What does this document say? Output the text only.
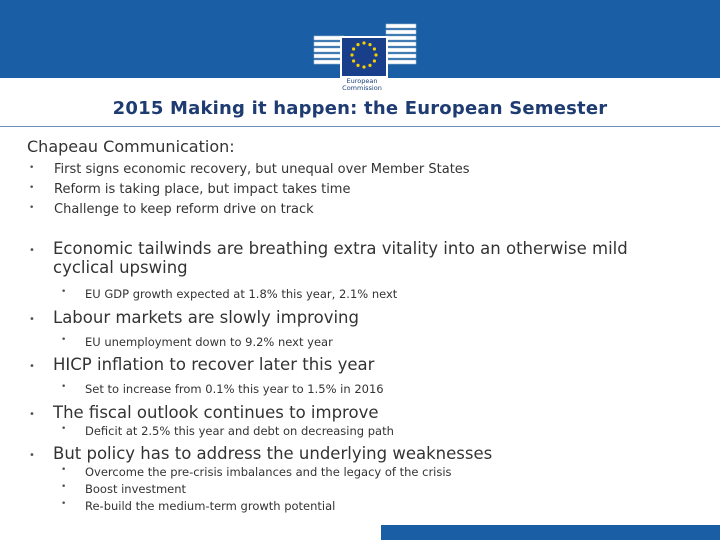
European Commission
2015 Making it happen: the European Semester
Chapeau Communication:
• First signs economic recovery, but unequal over Member States
• Reform is taking place, but impact takes time
• Challenge to keep reform drive on track
• Economic tailwinds are breathing extra vitality into an otherwise mild cyclical upswing
• EU GDP growth expected at 1.8% this year, 2.1% next
• Labour markets are slowly improving
• EU unemployment down to 9.2% next year
• HICP inflation to recover later this year
• Set to increase from 0.1% this year to 1.5% in 2016
• The fiscal outlook continues to improve
• Deficit at 2.5% this year and debt on decreasing path
• But policy has to address the underlying weaknesses
• Overcome the pre-crisis imbalances and the legacy of the crisis
• Boost investment
• Re-build the medium-term growth potential
